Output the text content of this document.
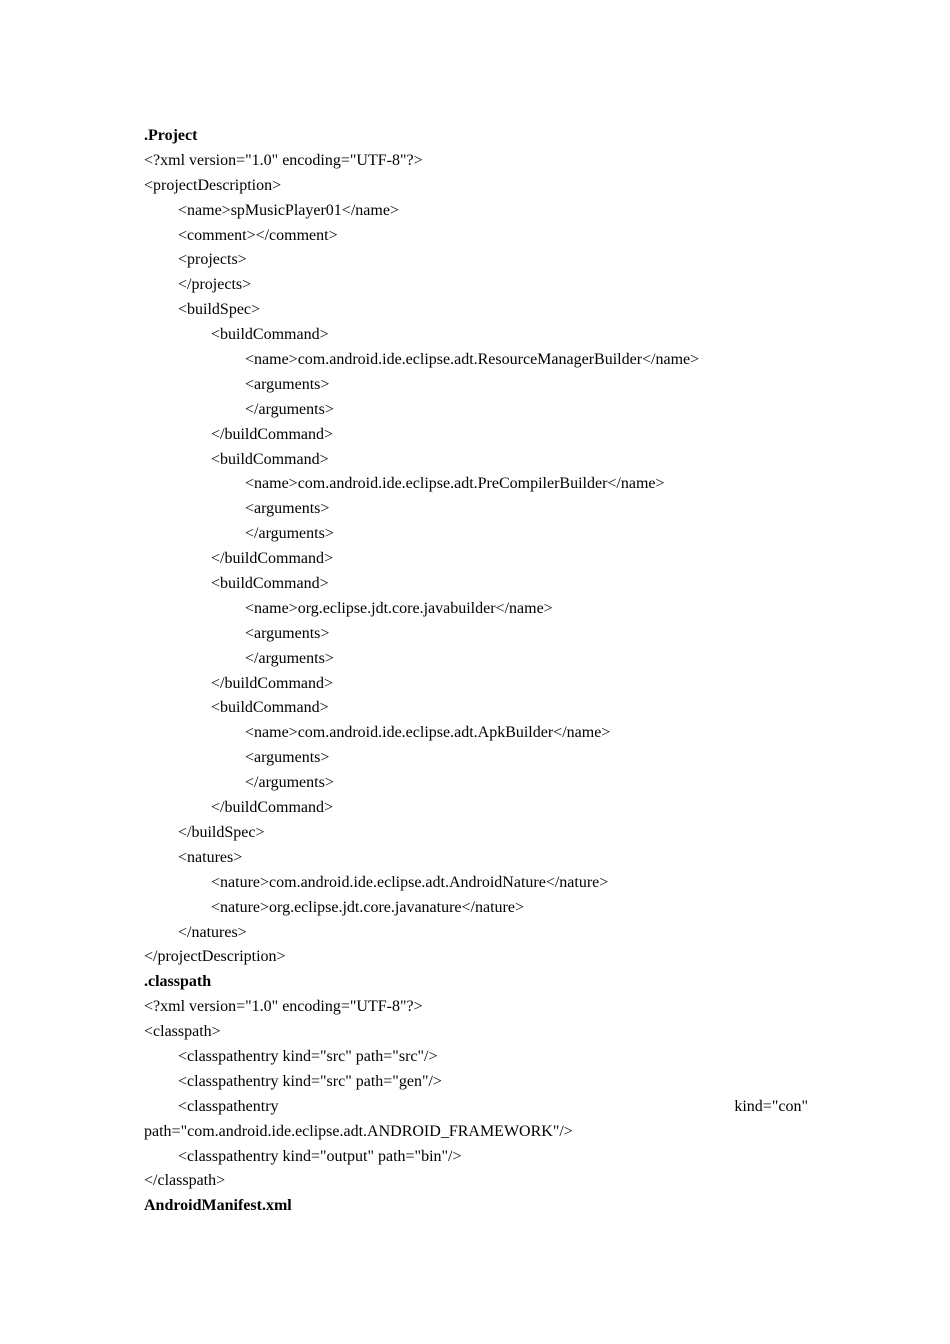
.Project
<?xml version="1.0" encoding="UTF-8"?>
<projectDescription>
<name>spMusicPlayer01</name>
<comment></comment>
<projects>
</projects>
<buildSpec>
<buildCommand>
<name>com.android.ide.eclipse.adt.ResourceManagerBuilder</name>
<arguments>
</arguments>
</buildCommand>
<buildCommand>
<name>com.android.ide.eclipse.adt.PreCompilerBuilder</name>
<arguments>
</arguments>
</buildCommand>
<buildCommand>
<name>org.eclipse.jdt.core.javabuilder</name>
<arguments>
</arguments>
</buildCommand>
<buildCommand>
<name>com.android.ide.eclipse.adt.ApkBuilder</name>
<arguments>
</arguments>
</buildCommand>
</buildSpec>
<natures>
<nature>com.android.ide.eclipse.adt.AndroidNature</nature>
<nature>org.eclipse.jdt.core.javanature</nature>
</natures>
</projectDescription>
.classpath
<?xml version="1.0" encoding="UTF-8"?>
<classpath>
<classpathentry kind="src" path="src"/>
<classpathentry kind="src" path="gen"/>
<classpathentry	kind="con"
path="com.android.ide.eclipse.adt.ANDROID_FRAMEWORK"/>
<classpathentry kind="output" path="bin"/>
</classpath>
AndroidManifest.xml
